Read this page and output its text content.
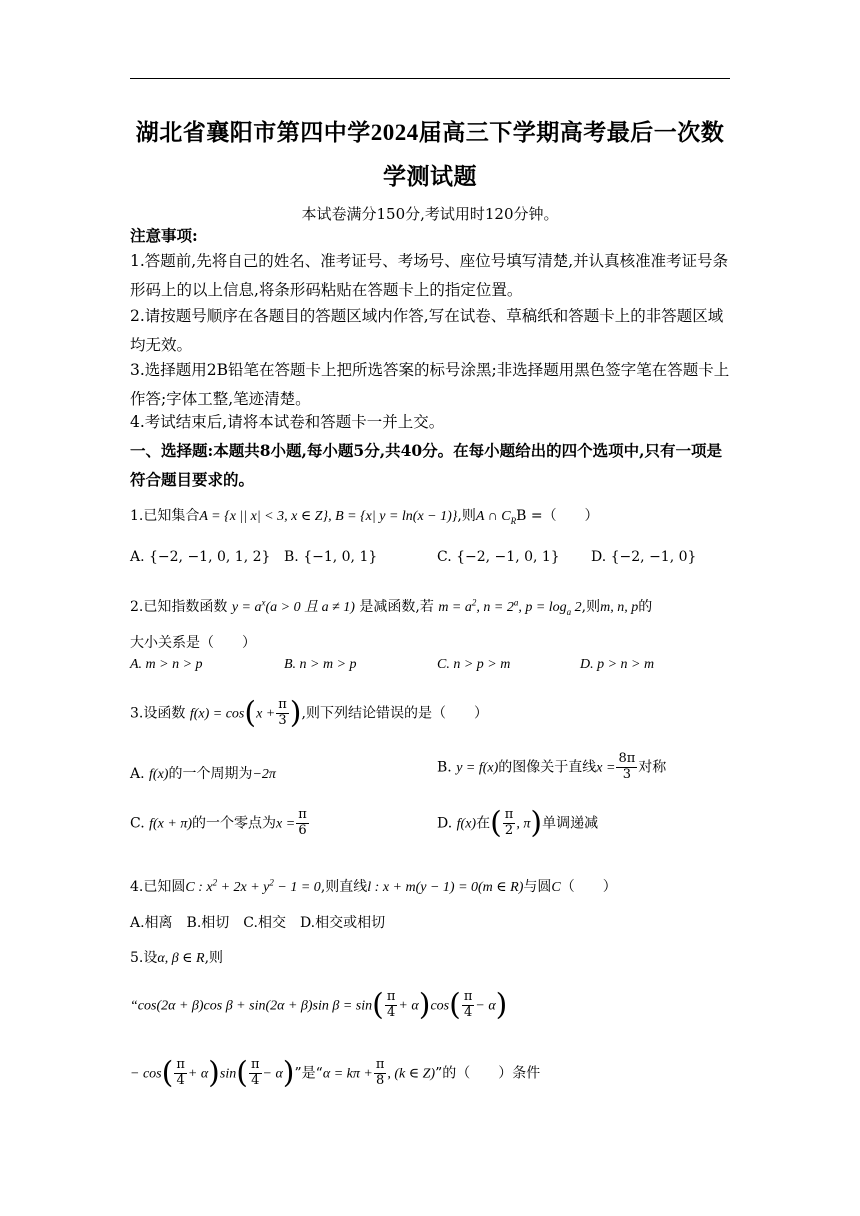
湖北省襄阳市第四中学2024届高三下学期高考最后一次数
学测试题
本试卷满分150分,考试用时120分钟。
注意事项:
1.答题前,先将自己的姓名、准考证号、考场号、座位号填写清楚,并认真核准准考证号条形码上的以上信息,将条形码粘贴在答题卡上的指定位置。
2.请按题号顺序在各题目的答题区域内作答,写在试卷、草稿纸和答题卡上的非答题区域均无效。
3.选择题用2B铅笔在答题卡上把所选答案的标号涂黑;非选择题用黑色签字笔在答题卡上作答;字体工整,笔迹清楚。
4.考试结束后,请将本试卷和答题卡一并上交。
一、选择题:本题共8小题,每小题5分,共40分。在每小题给出的四个选项中,只有一项是符合题目要求的。
1.已知集合A = {x || x| < 3, x ∈ Z}, B = {x| y = ln(x − 1)},则A ∩ $C_RB$ =（　　）
A. {−2, −1, 0, 1, 2} B. {−1, 0, 1}	C. {−2, −1, 0, 1} D. {−2, −1, 0}
2.已知指数函数 $y = a^x(a > 0$ 且 a ≠ 1) 是减函数,若 $m = a^2$, $n = 2^a$, $p = \log_a 2$,则m, n, p的
大小关系是（　　）
A. m > n > p	B. n > m > p	C. n > p > m	D. p > n > m
3.设函数 $f(x) = \cos(x + \frac{\pi}{3}$ ),则下列结论错误的是（　　）
A. f(x)的一个周期为−2π	B. y = f(x)的图像关于直线$x = \frac{8\pi}{3}$ 对称
C. f(x + π)的一个零点为$x = \frac{\pi}{6}$	D. f(x)在( $\frac{\pi}{2}$ , π)单调递减
4.已知圆C : $x^2 + 2x + y^2 - 1 = 0$,则直线l : x + m(y − 1) = 0(m ∈ R)与圆C（　　）
A.相离　B.相切　C.相交　D.相交或相切
5.设α, β ∈ R,则
“cos(2α + β)cos β + sin(2α + β)sin $\beta = \sin( \frac{\pi}{4} + \alpha)\cos( \frac{\pi}{4} - \alpha)$
− $\cos( \frac{\pi}{4} + \alpha)\sin( \frac{\pi}{4} - \alpha)$”是“$\alpha = k\pi + \frac{\pi}{8}$ , (k ∈ Z)”的（　　）条件
